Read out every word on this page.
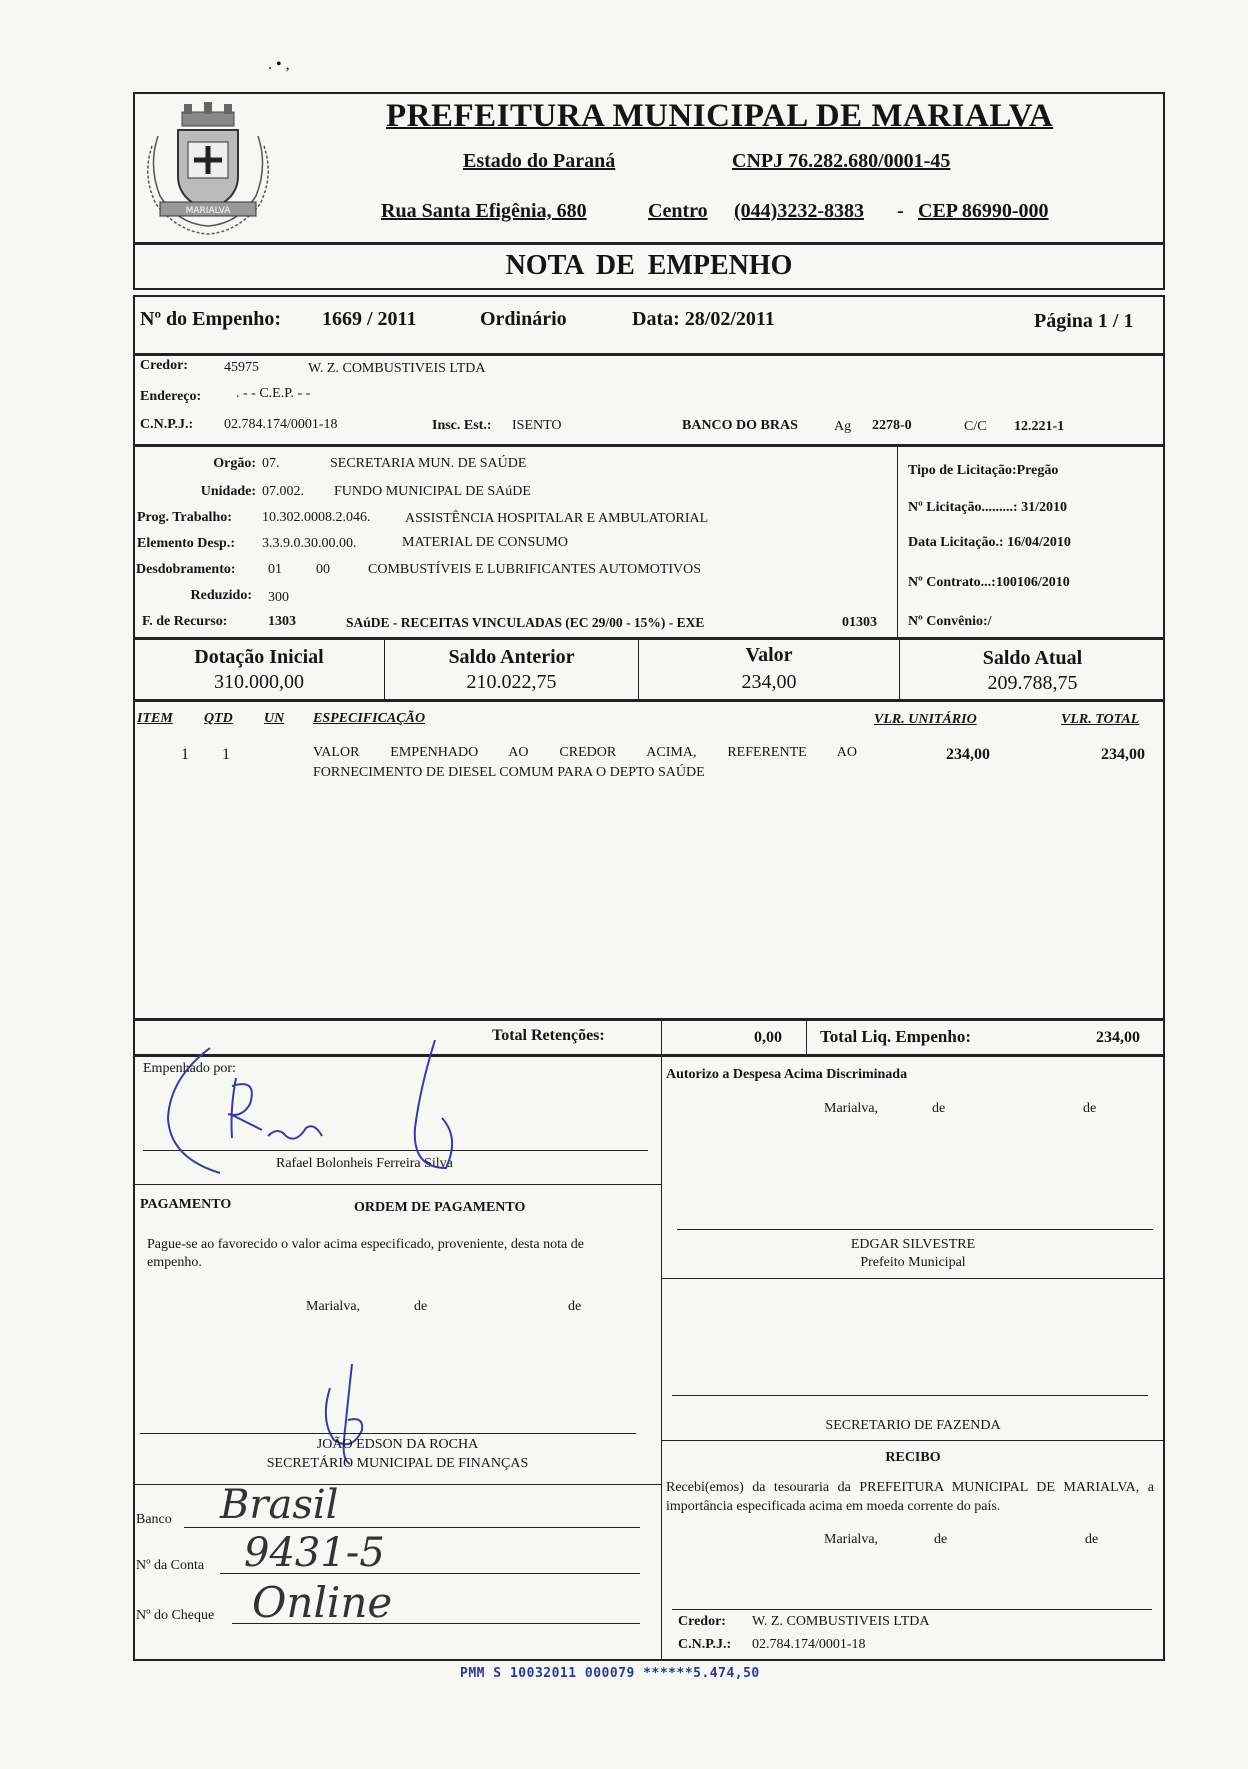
. • ,
MARIALVA
PREFEITURA MUNICIPAL DE MARIALVA
Estado do Paraná	CNPJ 76.282.680/0001-45
Rua Santa Efigênia, 680	Centro (044)3232-8383 - CEP 86990-000
NOTA DE EMPENHO
Nº do Empenho: 1669 / 2011	Ordinário	Data: 28/02/2011	Página 1 / 1
Credor:	45975	W. Z. COMBUSTIVEIS LTDA
Endereço: . - - C.E.P. - -
C.N.P.J.: 02.784.174/0001-18	Insc. Est.: ISENTO	BANCO DO BRAS	Ag 2278-0	C/C 12.221-1
Orgão: 07.	SECRETARIA MUN. DE SAÚDE
Unidade: 07.002. FUNDO MUNICIPAL DE SAúDE
Prog. Trabalho: 10.302.0008.2.046. ASSISTÊNCIA HOSPITALAR E AMBULATORIAL
Elemento Desp.: 3.3.9.0.30.00.00.	MATERIAL DE CONSUMO
Desdobramento: 01 00	COMBUSTÍVEIS E LUBRIFICANTES AUTOMOTIVOS
Reduzido: 300
F. de Recurso:	1303	SAúDE - RECEITAS VINCULADAS (EC 29/00 - 15%) - EXE	01303
Tipo de Licitação:Pregão
Nº Licitação.........: 31/2010
Data Licitação.: 16/04/2010
Nº Contrato...:100106/2010
Nº Convênio:/
Dotação Inicial
310.000,00
Saldo Anterior
210.022,75
Valor
234,00
Saldo Atual
209.788,75
ITEM QTD UN ESPECIFICAÇÃO	VLR. UNITÁRIO	VLR. TOTAL
1 1	VALOR EMPENHADO AO CREDOR ACIMA, REFERENTE AO
FORNECIMENTO DE DIESEL COMUM PARA O DEPTO SAÚDE
234,00	234,00
Total Retenções:	0,00 Total Liq. Empenho:	234,00
Empenhado por:
Rafael Bolonheis Ferreira Silva
Autorizo a Despesa Acima Discriminada
Marialva,	de	de
EDGAR SILVESTRE
Prefeito Municipal
PAGAMENTO	ORDEM DE PAGAMENTO
Pague-se ao favorecido o valor acima especificado, proveniente, desta nota de empenho.
Marialva,	de	de
JOÃO EDSON DA ROCHA
SECRETÁRIO MUNICIPAL DE FINANÇAS
SECRETARIO DE FAZENDA
RECIBO
Recebi(emos) da tesouraria da PREFEITURA MUNICIPAL DE MARIALVA, a importância especificada acima em moeda corrente do país.
Marialva,	de	de
Credor: W. Z. COMBUSTIVEIS LTDA
C.N.P.J.: 02.784.174/0001-18
Banco Brasil
Nº da Conta 9431-5
Nº do Cheque Online
PMM S 10032011 000079 ******5.474,50
